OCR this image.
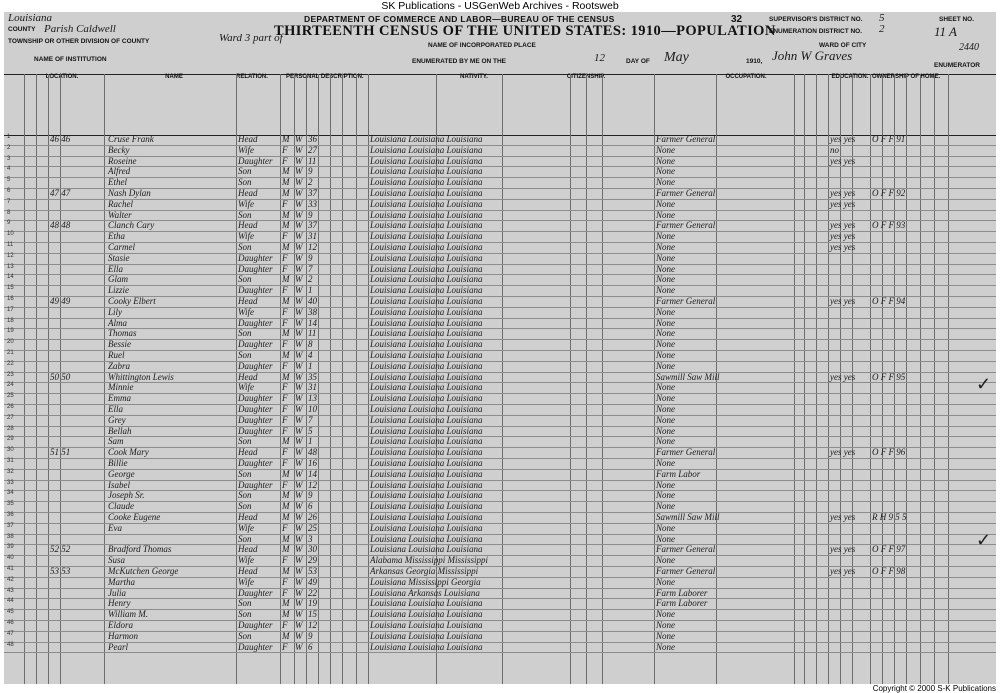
SK Publications - USGenWeb Archives - Rootsweb
Louisiana
Parish Caldwell
COUNTY
TOWNSHIP OR OTHER DIVISION OF COUNTY	Ward 3 part of
NAME OF INSTITUTION
DEPARTMENT OF COMMERCE AND LABOR—BUREAU OF THE CENSUS
THIRTEENTH CENSUS OF THE UNITED STATES: 1910—POPULATION
NAME OF INCORPORATED PLACE
ENUMERATED BY ME ON THE	12	DAY OF May	1910, John W Graves
ENUMERATOR
32	SUPERVISOR'S DISTRICT NO. 5
ENUMERATION DISTRICT NO. 2
WARD OF CITY
SHEET NO.
11 A
2440
LOCATION.	NAME	RELATION.	PERSONAL DESCRIPTION.	NATIVITY.	CITIZENSHIP.	OCCUPATION.	EDUCATION. OWNERSHIP OF HOME.
1	46 46	Cruse Frank	Head	M W 36	Louisiana Louisiana Louisiana	Farmer General	yes yes O F F 91
2	Becky	Wife	F W 27	Louisiana Louisiana Louisiana	None	no
3	Roseine	Daughter F W 11	Louisiana Louisiana Louisiana	None	yes yes
4	Alfred	Son	M W 9	Louisiana Louisiana Louisiana	None
5	Ethel	Son	M W 2	Louisiana Louisiana Louisiana	None
6	47 47	Nash Dylan	Head	M W 37	Louisiana Louisiana Louisiana	Farmer General	yes yes O F F 92
7	Rachel	Wife	F W 33	Louisiana Louisiana Louisiana	None	yes yes
8	Walter	Son	M W 9	Louisiana Louisiana Louisiana	None
9	48 48	Clanch Cary	Head	M W 37	Louisiana Louisiana Louisiana	Farmer General	yes yes O F F 93
10	Etha	Wife	F W 31	Louisiana Louisiana Louisiana	None	yes yes
11	Carmel	Son	M W 12	Louisiana Louisiana Louisiana	None	yes yes
12	Stasie	Daughter F W 9	Louisiana Louisiana Louisiana	None
13	Ella	Daughter F W 7	Louisiana Louisiana Louisiana	None
14	Glam	Son	M W 2	Louisiana Louisiana Louisiana	None
15	Lizzie	Daughter F W 1	Louisiana Louisiana Louisiana	None
16	49 49	Cooky Elbert	Head	M W 40	Louisiana Louisiana Louisiana	Farmer General	yes yes O F F 94
17	Lily	Wife	F W 38	Louisiana Louisiana Louisiana	None
18	Alma	Daughter F W 14	Louisiana Louisiana Louisiana	None
19	Thomas	Son	M W 11	Louisiana Louisiana Louisiana	None
20	Bessie	Daughter F W 8	Louisiana Louisiana Louisiana	None
21	Ruel	Son	M W 4	Louisiana Louisiana Louisiana	None
22	Zabra	Daughter F W 1	Louisiana Louisiana Louisiana	None
23	50 50	Whittington Lewis	Head	M W 35	Louisiana Louisiana Louisiana	Sawmill Saw Mill	yes yes O F F 95
24	Minnie	Wife	F W 31	Louisiana Louisiana Louisiana	None
25	Emma	Daughter F W 13	Louisiana Louisiana Louisiana	None
26	Ella	Daughter F W 10	Louisiana Louisiana Louisiana	None
27	Grey	Daughter F W 7	Louisiana Louisiana Louisiana	None
28	Bellah	Daughter F W 5	Louisiana Louisiana Louisiana	None
29	Sam	Son	M W 1	Louisiana Louisiana Louisiana	None
30	51 51	Cook Mary	Head	F W 48	Louisiana Louisiana Louisiana	Farmer General	yes yes O F F 96
31	Billie	Daughter F W 16	Louisiana Louisiana Louisiana	None
32	George	Son	M W 14	Louisiana Louisiana Louisiana	Farm Labor
33	Isabel	Daughter F W 12	Louisiana Louisiana Louisiana	None
34	Joseph Sr.	Son	M W 9	Louisiana Louisiana Louisiana	None
35	Claude	Son	M W 6	Louisiana Louisiana Louisiana	None
36	Cooke Eugene	Head	M W 26	Louisiana Louisiana Louisiana	Sawmill Saw Mill	yes yes R H 9 5 5
37	Eva	Wife	F W 25	Louisiana Louisiana Louisiana	None
38	Son	M W 3	Louisiana Louisiana Louisiana	None
39	52 52	Bradford Thomas	Head	M W 30	Louisiana Louisiana Louisiana	Farmer General	yes yes O F F 97
40	Susa	Wife	F W 29	Alabama Mississippi Mississippi	None
41	53 53	McKutchen George	Head	M W 53	Arkansas Georgia Mississippi	Farmer General	yes yes O F F 98
42	Martha	Wife	F W 49	Louisiana Mississippi Georgia	None
43	Julia	Daughter F W 22	Louisiana Arkansas Louisiana	Farm Laborer
44	Henry	Son	M W 19	Louisiana Louisiana Louisiana	Farm Laborer
45	William M.	Son	M W 15	Louisiana Louisiana Louisiana	None
46	Eldora	Daughter F W 12	Louisiana Louisiana Louisiana	None
47	Harmon	Son	M W 9	Louisiana Louisiana Louisiana	None
48	Pearl	Daughter F W 6	Louisiana Louisiana Louisiana	None
✓
✓
Copyright © 2000 S-K Publications
